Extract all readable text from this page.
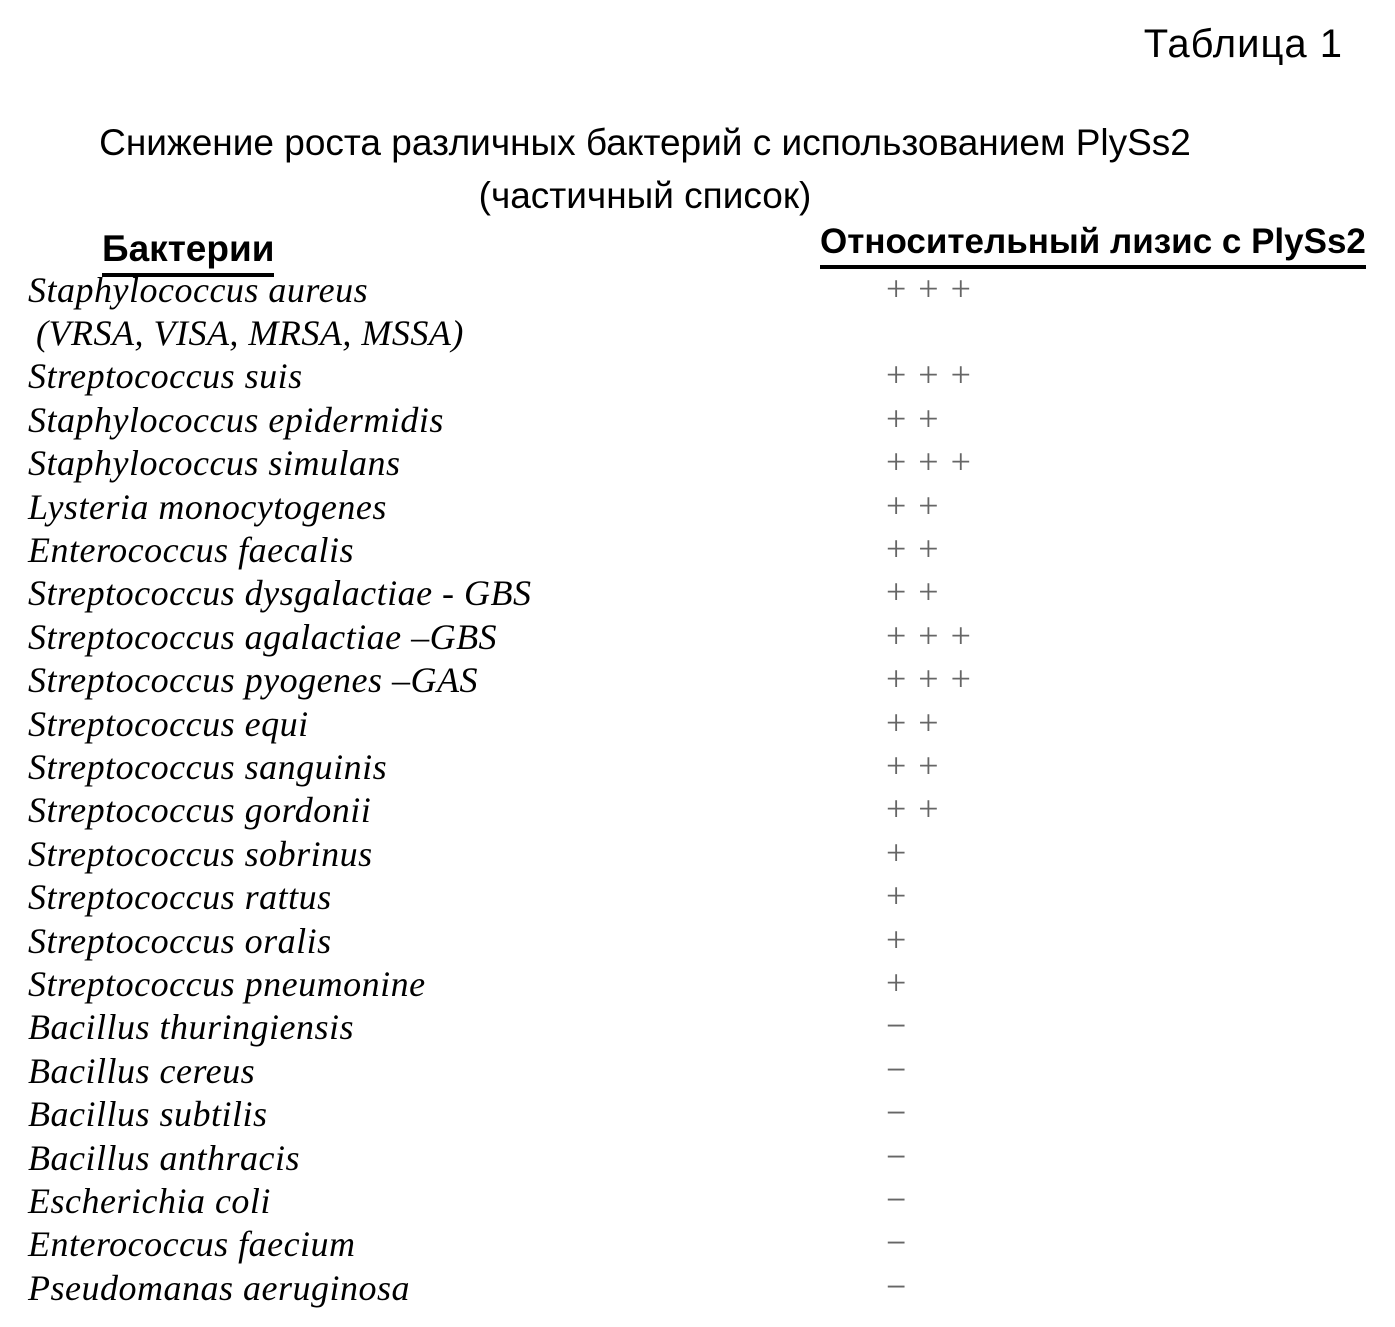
Таблица 1
Снижение роста различных бактерий с использованием PlySs2
(частичный список)
Бактерии	Относительный лизис с PlySs2
Staphylococcus aureus	+++
(VRSA, VISA, MRSA, MSSA)
Streptococcus suis	+++
Staphylococcus epidermidis	++
Staphylococcus simulans	+++
Lysteria monocytogenes	++
Enterococcus faecalis	++
Streptococcus dysgalactiae - GBS	++
Streptococcus agalactiae –GBS	+++
Streptococcus pyogenes –GAS	+++
Streptococcus equi	++
Streptococcus sanguinis	++
Streptococcus gordonii	++
Streptococcus sobrinus	+
Streptococcus rattus	+
Streptococcus oralis	+
Streptococcus pneumonine	+
Bacillus thuringiensis	−
Bacillus cereus	−
Bacillus subtilis	−
Bacillus anthracis	−
Escherichia coli	−
Enterococcus faecium	−
Pseudomanas aeruginosa	−
